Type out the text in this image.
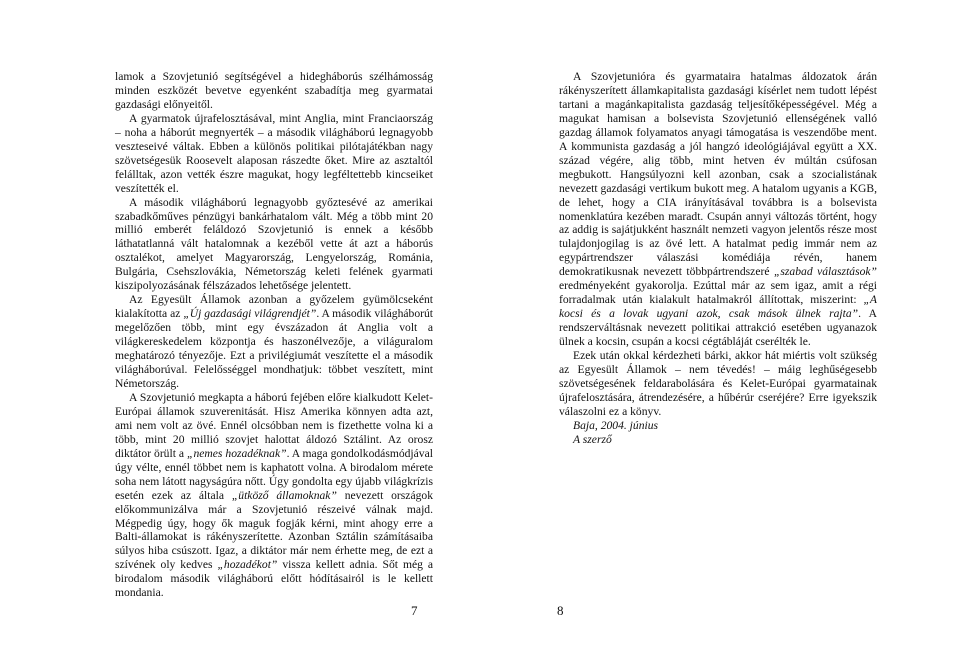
lamok a Szovjetunió segítségével a hidegháborús szélhámosság minden eszközét bevetve egyenként szabadítja meg gyarmatai gazdasági előnyeitől.

A gyarmatok újrafelosztásával, mint Anglia, mint Franciaország – noha a háborút megnyerték – a második világháború legnagyobb veszteseivé váltak. Ebben a különös politikai pilótajátékban nagy szövetségesük Roosevelt alaposan rászedte őket. Mire az asztaltól felálltak, azon vették észre magukat, hogy legféltettebb kincseiket veszítették el.

A második világháború legnagyobb győztesévé az amerikai szabadkőműves pénzügyi bankárhatalom vált. Még a több mint 20 millió emberét feláldozó Szovjetunió is ennek a később láthatatlanná vált hatalomnak a kezéből vette át azt a háborús osztalékot, amelyet Magyarország, Lengyelország, Románia, Bulgária, Csehszlovákia, Németország keleti felének gyarmati kiszipolyozásának félszázados lehetősége jelentett.

Az Egyesült Államok azonban a győzelem gyümölcseként kialakította az „Új gazdasági világrendjét”. A második világháborút megelőzően több, mint egy évszázadon át Anglia volt a világkereskedelem központja és haszonélvezője, a világuralom meghatározó tényezője. Ezt a privilégiumát veszítette el a második világháborúval. Felelősséggel mondhatjuk: többet veszített, mint Németország.

A Szovjetunió megkapta a háború fejében előre kialkudott Kelet-Európai államok szuverenitását. Hisz Amerika könnyen adta azt, ami nem volt az övé. Ennél olcsóbban nem is fizethette volna ki a több, mint 20 millió szovjet halottat áldozó Sztálint. Az orosz diktátor örült a „nemes hozadéknak”. A maga gondolkodásmódjával úgy vélte, ennél többet nem is kaphatott volna. A birodalom mérete soha nem látott nagyságúra nőtt. Úgy gondolta egy újabb világkrízis esetén ezek az általa „ütköző államoknak” nevezett országok előkommunizálva már a Szovjetunió részeivé válnak majd. Mégpedig úgy, hogy ők maguk fogják kérni, mint ahogy erre a Balti-államokat is rákényszerítette. Azonban Sztálin számításaiba súlyos hiba csúszott. Igaz, a diktátor már nem érhette meg, de ezt a szívének oly kedves „hozadékot” vissza kellett adnia. Sőt még a birodalom második világháború előtt hódításairól is le kellett mondania.

7

A Szovjetunióra és gyarmataira hatalmas áldozatok árán rákényszerített államkapitalista gazdasági kísérlet nem tudott lépést tartani a magánkapitalista gazdaság teljesítőképességével. Még a magukat hamisan a bolsevista Szovjetunió ellenségének valló gazdag államok folyamatos anyagi támogatása is veszendőbe ment. A kommunista gazdaság a jól hangzó ideológiájával együtt a XX. század végére, alig több, mint hetven év múltán csúfosan megbukott. Hangsúlyozni kell azonban, csak a szocialistának nevezett gazdasági vertikum bukott meg. A hatalom ugyanis a KGB, de lehet, hogy a CIA irányításával továbbra is a bolsevista nomenklatúra kezében maradt. Csupán annyi változás történt, hogy az addig is sajátjukként használt nemzeti vagyon jelentős része most tulajdonjogilag is az övé lett. A hatalmat pedig immár nem az egypártrendszer válaszási komédiája révén, hanem demokratikusnak nevezett többpártrendszeré „szabad választások” eredményeként gyakorolja. Ezúttal már az sem igaz, amit a régi forradalmak után kialakult hatalmakról állítottak, miszerint: „A kocsi és a lovak ugyani azok, csak mások ülnek rajta”. A rendszerváltásnak nevezett politikai attrakció esetében ugyanazok ülnek a kocsin, csupán a kocsi cégtábláját cserélték le.

Ezek után okkal kérdezheti bárki, akkor hát miértis volt szükség az Egyesült Államok – nem tévedés! – máig leghűségesebb szövetségesének feldarabolására és Kelet-Európai gyarmatainak újrafelosztására, átrendezésére, a hűbérúr cseréjére? Erre igyekszik válaszolni ez a könyv.

Baja, 2004. június

A szerző

8
